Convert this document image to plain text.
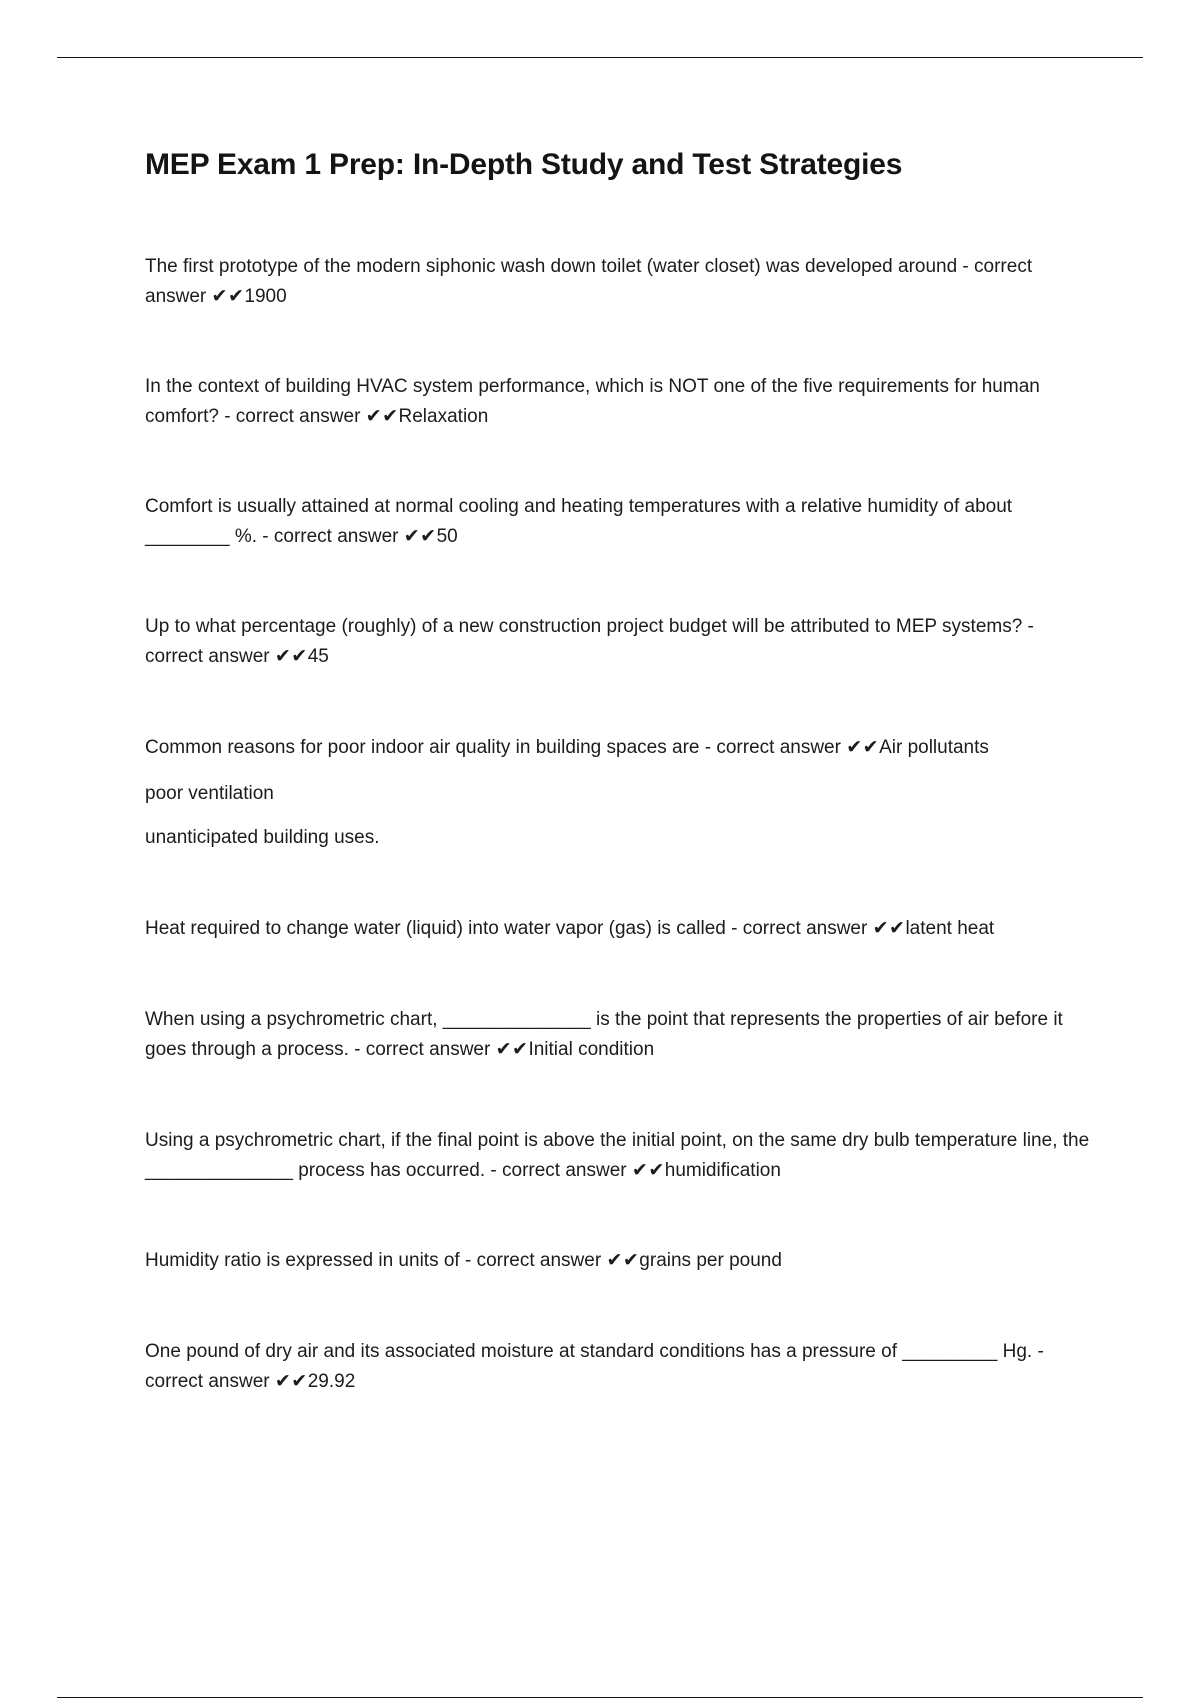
MEP Exam 1 Prep: In-Depth Study and Test Strategies

The first prototype of the modern siphonic wash down toilet (water closet) was developed around - correct answer ✔✔1900

In the context of building HVAC system performance, which is NOT one of the five requirements for human comfort? - correct answer ✔✔Relaxation

Comfort is usually attained at normal cooling and heating temperatures with a relative humidity of about ________ %. - correct answer ✔✔50

Up to what percentage (roughly) of a new construction project budget will be attributed to MEP systems? - correct answer ✔✔45

Common reasons for poor indoor air quality in building spaces are - correct answer ✔✔Air pollutants

poor ventilation

unanticipated building uses.

Heat required to change water (liquid) into water vapor (gas) is called - correct answer ✔✔latent heat

When using a psychrometric chart, ______________ is the point that represents the properties of air before it goes through a process. - correct answer ✔✔Initial condition

Using a psychrometric chart, if the final point is above the initial point, on the same dry bulb temperature line, the ______________ process has occurred. - correct answer ✔✔humidification

Humidity ratio is expressed in units of - correct answer ✔✔grains per pound

One pound of dry air and its associated moisture at standard conditions has a pressure of _________ Hg. - correct answer ✔✔29.92
